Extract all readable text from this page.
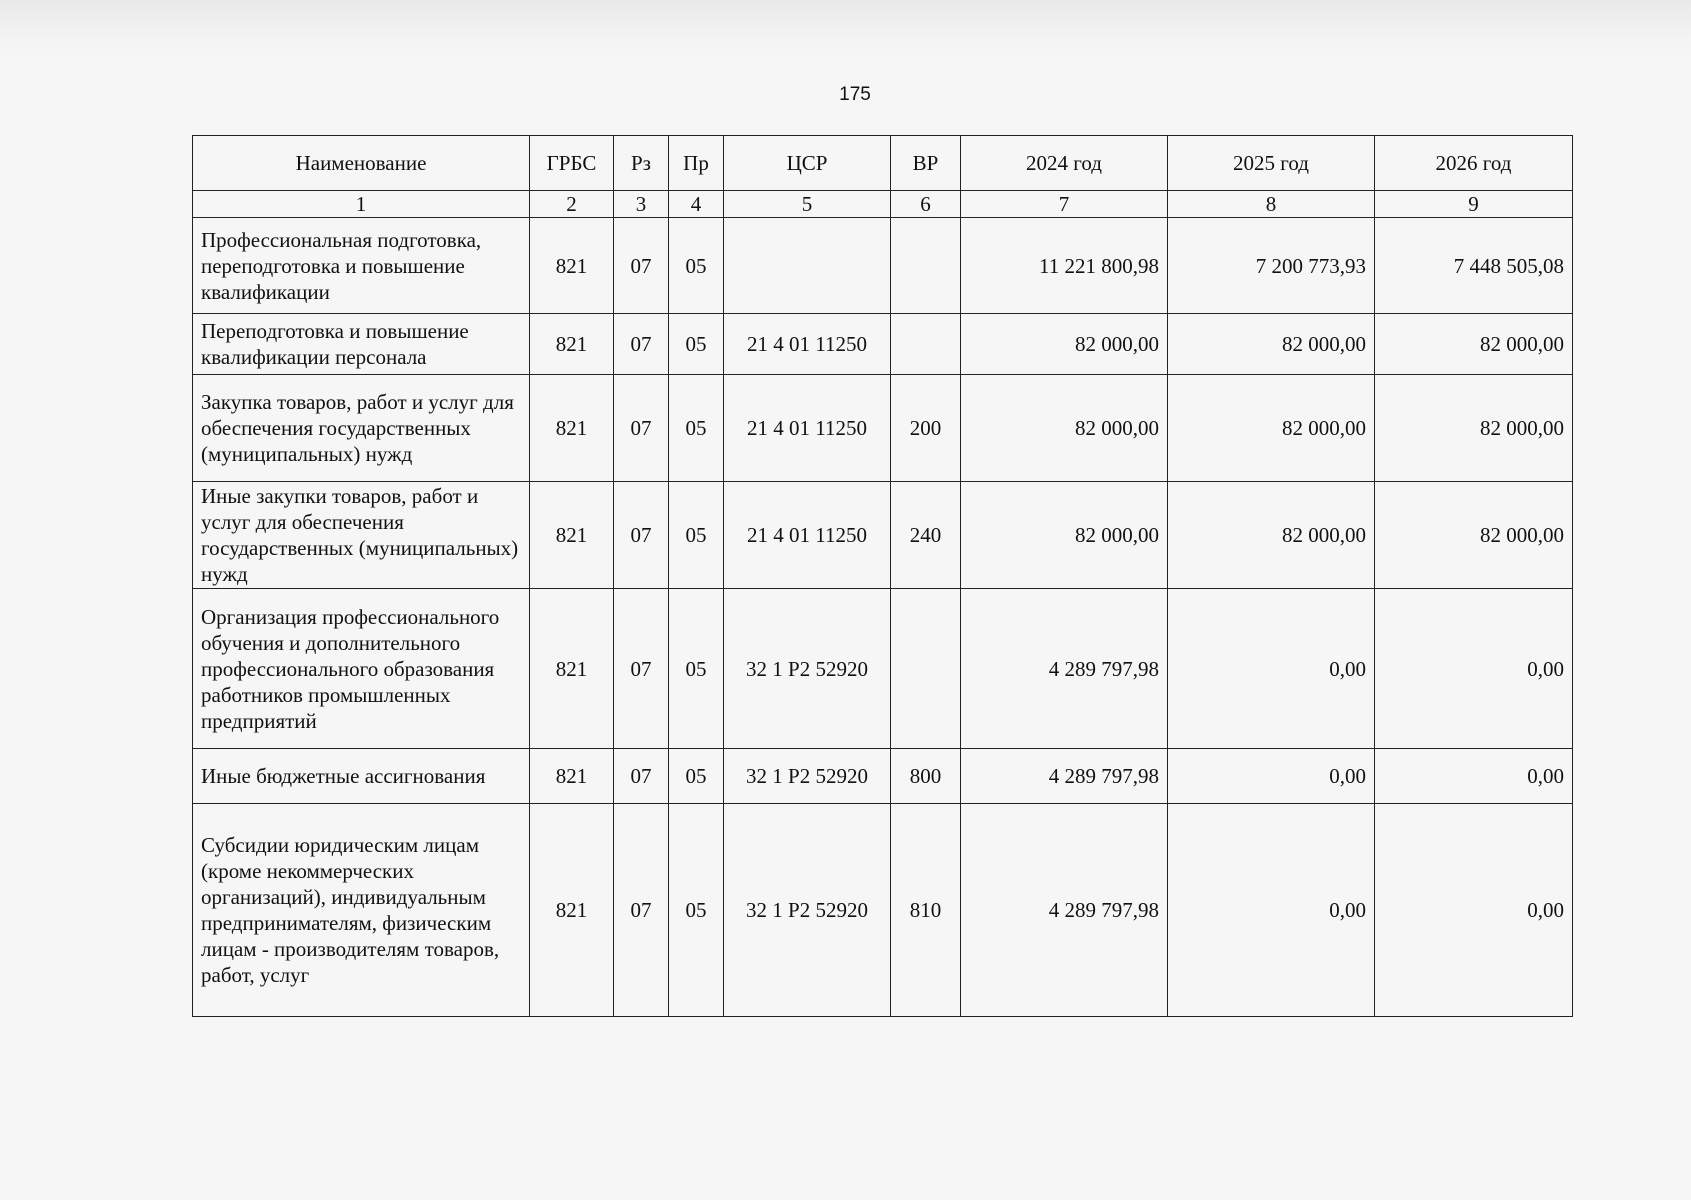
175
Наименование	ГРБС	Рз	Пр	ЦСР	ВР	2024 год	2025 год	2026 год
1	2	3	4	5	6	7	8	9
Профессиональная подготовка, переподготовка и повышение квалификации	821	07	05			11 221 800,98	7 200 773,93	7 448 505,08
Переподготовка и повышение квалификации персонала	821	07	05	21 4 01 11250		82 000,00	82 000,00	82 000,00
Закупка товаров, работ и услуг для обеспечения государственных (муниципальных) нужд	821	07	05	21 4 01 11250	200	82 000,00	82 000,00	82 000,00
Иные закупки товаров, работ и услуг для обеспечения государственных (муниципальных) нужд	821	07	05	21 4 01 11250	240	82 000,00	82 000,00	82 000,00
Организация профессионального обучения и дополнительного профессионального образования работников промышленных предприятий	821	07	05	32 1 Р2 52920		4 289 797,98	0,00	0,00
Иные бюджетные ассигнования	821	07	05	32 1 Р2 52920	800	4 289 797,98	0,00	0,00
Субсидии юридическим лицам (кроме некоммерческих организаций), индивидуальным предпринимателям, физическим лицам - производителям товаров, работ, услуг	821	07	05	32 1 Р2 52920	810	4 289 797,98	0,00	0,00
